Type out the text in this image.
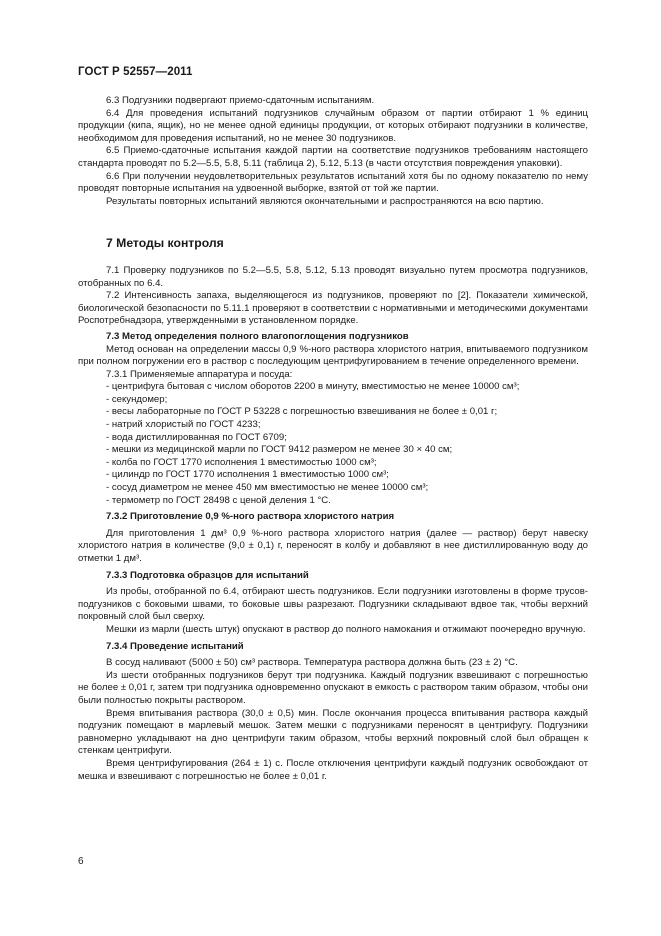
ГОСТ Р 52557—2011

6.3 Подгузники подвергают приемо-сдаточным испытаниям.

6.4 Для проведения испытаний подгузников случайным образом от партии отбирают 1 % единиц продукции (кипа, ящик), но не менее одной единицы продукции, от которых отбирают подгузники в количестве, необходимом для проведения испытаний, но не менее 30 подгузников.

6.5 Приемо-сдаточные испытания каждой партии на соответствие подгузников требованиям настоящего стандарта проводят по 5.2—5.5, 5.8, 5.11 (таблица 2), 5.12, 5.13 (в части отсутствия повреждения упаковки).

6.6 При получении неудовлетворительных результатов испытаний хотя бы по одному показателю по нему проводят повторные испытания на удвоенной выборке, взятой от той же партии.

Результаты повторных испытаний являются окончательными и распространяются на всю партию.

7 Методы контроля

7.1 Проверку подгузников по 5.2—5.5, 5.8, 5.12, 5.13 проводят визуально путем просмотра подгузников, отобранных по 6.4.

7.2 Интенсивность запаха, выделяющегося из подгузников, проверяют по [2]. Показатели химической, биологической безопасности по 5.11.1 проверяют в соответствии с нормативными и методическими документами Роспотребнадзора, утвержденными в установленном порядке.

7.3 Метод определения полного влагопоглощения подгузников

Метод основан на определении массы 0,9 %-ного раствора хлористого натрия, впитываемого подгузником при полном погружении его в раствор с последующим центрифугированием в течение определенного времени.

7.3.1 Применяемые аппаратура и посуда:

- центрифуга бытовая с числом оборотов 2200 в минуту, вместимостью не менее 10000 см³;
- секундомер;
- весы лабораторные по ГОСТ Р 53228 с погрешностью взвешивания не более ± 0,01 г;
- натрий хлористый по ГОСТ 4233;
- вода дистиллированная по ГОСТ 6709;
- мешки из медицинской марли по ГОСТ 9412 размером не менее 30 × 40 см;
- колба по ГОСТ 1770 исполнения 1 вместимостью 1000 см³;
- цилиндр по ГОСТ 1770 исполнения 1 вместимостью 1000 см³;
- сосуд диаметром не менее 450 мм вместимостью не менее 10000 см³;
- термометр по ГОСТ 28498 с ценой деления 1 °С.

7.3.2 Приготовление 0,9 %-ного раствора хлористого натрия

Для приготовления 1 дм³ 0,9 %-ного раствора хлористого натрия (далее — раствор) берут навеску хлористого натрия в количестве (9,0 ± 0,1) г, переносят в колбу и добавляют в нее дистиллированную воду до отметки 1 дм³.

7.3.3 Подготовка образцов для испытаний

Из пробы, отобранной по 6.4, отбирают шесть подгузников. Если подгузники изготовлены в форме трусов-подгузников с боковыми швами, то боковые швы разрезают. Подгузники складывают вдвое так, чтобы верхний покровный слой был сверху.

Мешки из марли (шесть штук) опускают в раствор до полного намокания и отжимают поочередно вручную.

7.3.4 Проведение испытаний

В сосуд наливают (5000 ± 50) см³ раствора. Температура раствора должна быть (23 ± 2) °С.

Из шести отобранных подгузников берут три подгузника. Каждый подгузник взвешивают с погрешностью не более ± 0,01 г, затем три подгузника одновременно опускают в емкость с раствором таким образом, чтобы они были полностью покрыты раствором.

Время впитывания раствора (30,0 ± 0,5) мин. После окончания процесса впитывания раствора каждый подгузник помещают в марлевый мешок. Затем мешки с подгузниками переносят в центрифугу. Подгузники равномерно укладывают на дно центрифуги таким образом, чтобы верхний покровный слой был обращен к стенкам центрифуги.

Время центрифугирования (264 ± 1) с. После отключения центрифуги каждый подгузник освобождают от мешка и взвешивают с погрешностью не более ± 0,01 г.

6
